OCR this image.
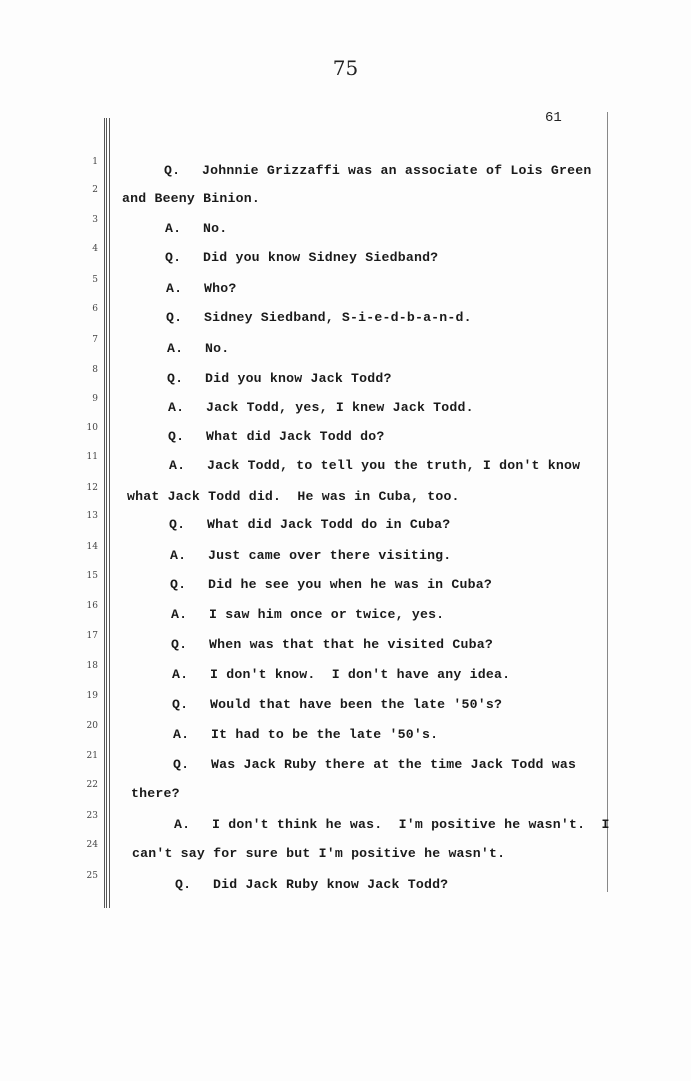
75
61
1
2
3
4
5
6
7
8
9
10
11
12
13
14
15
16
17
18
19
20
21
22
23
24
25
Q. Johnnie Grizzaffi was an associate of Lois Green
and Beeny Binion.
A. No.
Q. Did you know Sidney Siedband?
A. Who?
Q. Sidney Siedband, S-i-e-d-b-a-n-d.
A. No.
Q. Did you know Jack Todd?
A. Jack Todd, yes, I knew Jack Todd.
Q. What did Jack Todd do?
A. Jack Todd, to tell you the truth, I don't know
what Jack Todd did.  He was in Cuba, too.
Q. What did Jack Todd do in Cuba?
A. Just came over there visiting.
Q. Did he see you when he was in Cuba?
A. I saw him once or twice, yes.
Q. When was that that he visited Cuba?
A. I don't know.  I don't have any idea.
Q. Would that have been the late '50's?
A. It had to be the late '50's.
Q. Was Jack Ruby there at the time Jack Todd was
there?
A. I don't think he was.  I'm positive he wasn't.  I
can't say for sure but I'm positive he wasn't.
Q. Did Jack Ruby know Jack Todd?
